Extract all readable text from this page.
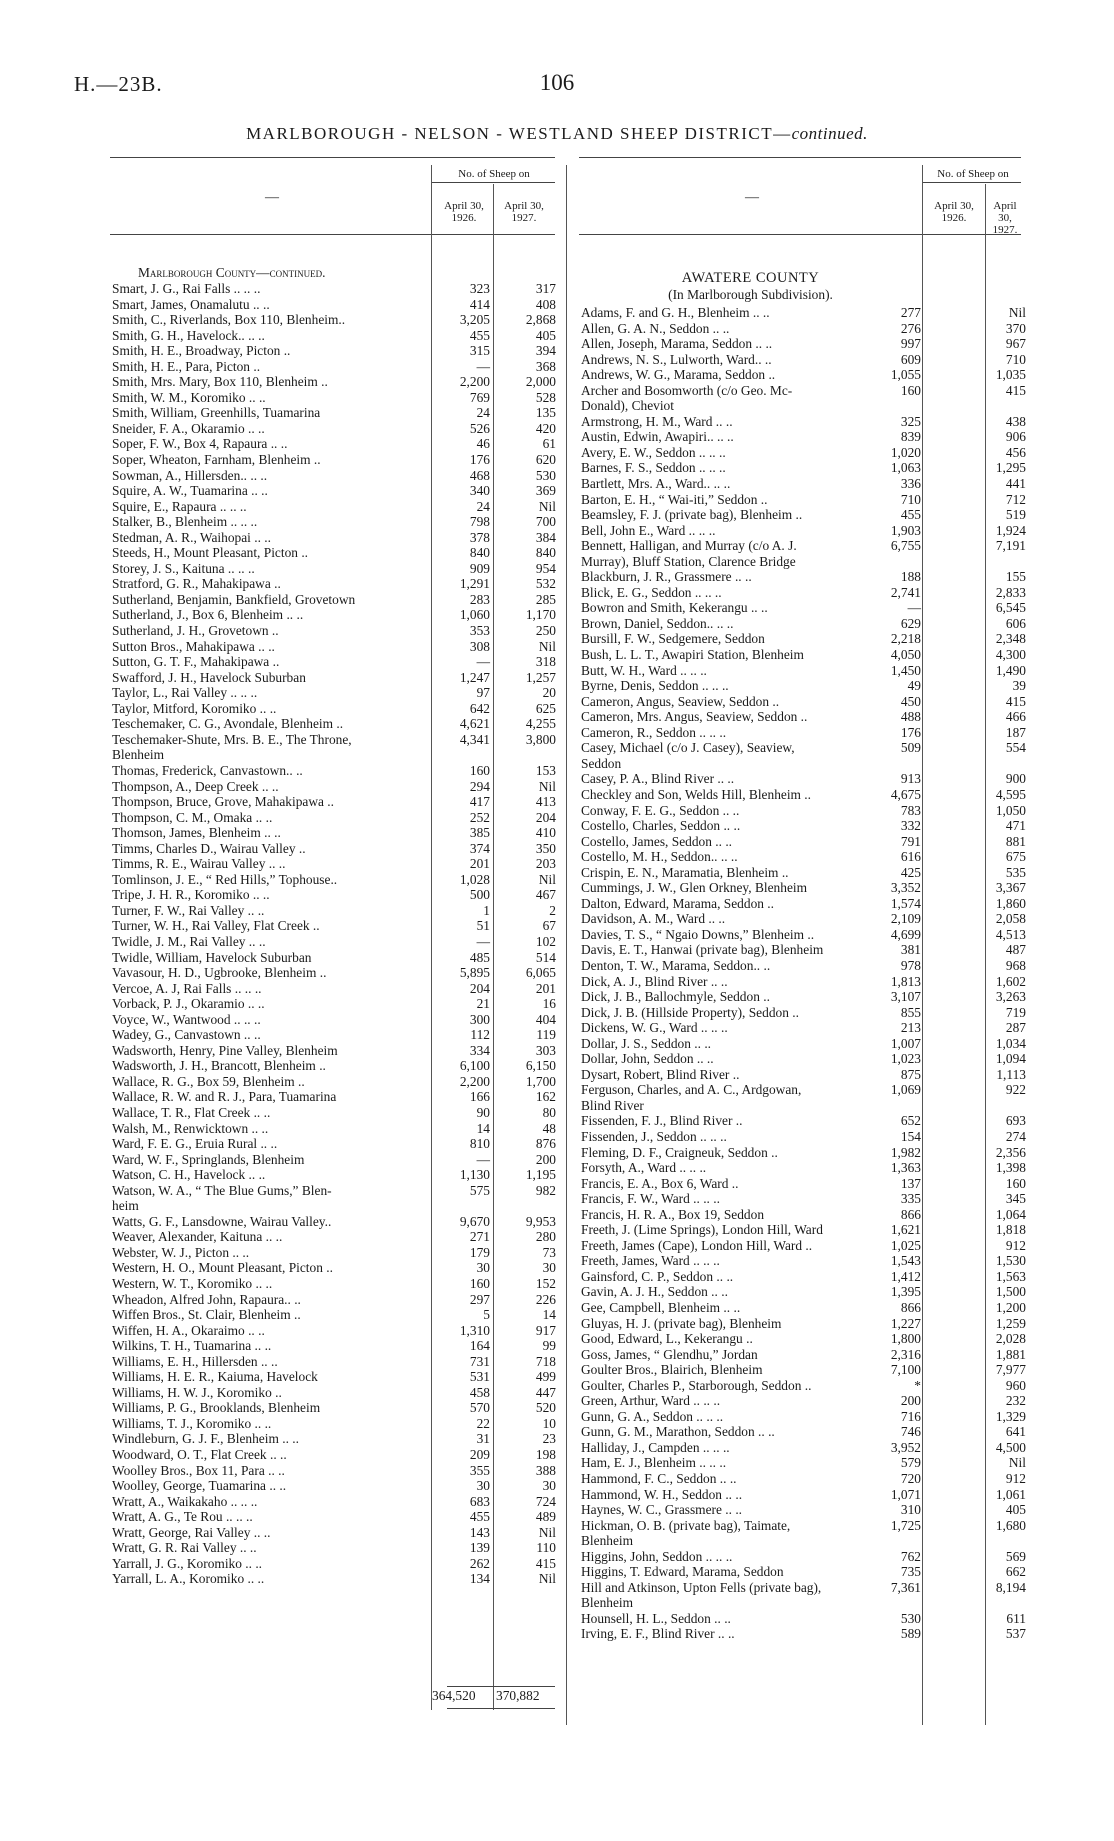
H.—23B.	106
MARLBOROUGH - NELSON - WESTLAND SHEEP DISTRICT—continued.
—
No. of Sheep on
April 30, 1926.
April 30, 1927.
—
No. of Sheep on
April 30, 1926.
April 30, 1927.
Marlborough County—continued.
Smart, J. G., Rai Falls .. .. ..	323	317
Smart, James, Onamalutu .. ..	414	408
Smith, C., Riverlands, Box 110, Blenheim..	3,205	2,868
Smith, G. H., Havelock.. .. ..	455	405
Smith, H. E., Broadway, Picton ..	315	394
Smith, H. E., Para, Picton ..	—	368
Smith, Mrs. Mary, Box 110, Blenheim ..	2,200	2,000
Smith, W. M., Koromiko .. ..	769	528
Smith, William, Greenhills, Tuamarina	24	135
Sneider, F. A., Okaramio .. ..	526	420
Soper, F. W., Box 4, Rapaura .. ..	46	61
Soper, Wheaton, Farnham, Blenheim ..	176	620
Sowman, A., Hillersden.. .. ..	468	530
Squire, A. W., Tuamarina .. ..	340	369
Squire, E., Rapaura .. .. ..	24	Nil
Stalker, B., Blenheim .. .. ..	798	700
Stedman, A. R., Waihopai .. ..	378	384
Steeds, H., Mount Pleasant, Picton ..	840	840
Storey, J. S., Kaituna .. .. ..	909	954
Stratford, G. R., Mahakipawa ..	1,291	532
Sutherland, Benjamin, Bankfield, Grovetown	283	285
Sutherland, J., Box 6, Blenheim .. ..	1,060	1,170
Sutherland, J. H., Grovetown ..	353	250
Sutton Bros., Mahakipawa .. ..	308	Nil
Sutton, G. T. F., Mahakipawa ..	—	318
Swafford, J. H., Havelock Suburban	1,247	1,257
Taylor, L., Rai Valley .. .. ..	97	20
Taylor, Mitford, Koromiko .. ..	642	625
Teschemaker, C. G., Avondale, Blenheim ..	4,621	4,255
Teschemaker-Shute, Mrs. B. E., The Throne,	4,341	3,800
Blenheim
Thomas, Frederick, Canvastown.. ..	160	153
Thompson, A., Deep Creek .. ..	294	Nil
Thompson, Bruce, Grove, Mahakipawa ..	417	413
Thompson, C. M., Omaka .. ..	252	204
Thomson, James, Blenheim .. ..	385	410
Timms, Charles D., Wairau Valley ..	374	350
Timms, R. E., Wairau Valley .. ..	201	203
Tomlinson, J. E., “ Red Hills,” Tophouse..	1,028	Nil
Tripe, J. H. R., Koromiko .. ..	500	467
Turner, F. W., Rai Valley .. ..	1	2
Turner, W. H., Rai Valley, Flat Creek ..	51	67
Twidle, J. M., Rai Valley .. ..	—	102
Twidle, William, Havelock Suburban	485	514
Vavasour, H. D., Ugbrooke, Blenheim ..	5,895	6,065
Vercoe, A. J, Rai Falls .. .. ..	204	201
Vorback, P. J., Okaramio .. ..	21	16
Voyce, W., Wantwood .. .. ..	300	404
Wadey, G., Canvastown .. ..	112	119
Wadsworth, Henry, Pine Valley, Blenheim	334	303
Wadsworth, J. H., Brancott, Blenheim ..	6,100	6,150
Wallace, R. G., Box 59, Blenheim ..	2,200	1,700
Wallace, R. W. and R. J., Para, Tuamarina	166	162
Wallace, T. R., Flat Creek .. ..	90	80
Walsh, M., Renwicktown .. ..	14	48
Ward, F. E. G., Eruia Rural .. ..	810	876
Ward, W. F., Springlands, Blenheim	—	200
Watson, C. H., Havelock .. ..	1,130	1,195
Watson, W. A., “ The Blue Gums,” Blen-	575	982
heim
Watts, G. F., Lansdowne, Wairau Valley..	9,670	9,953
Weaver, Alexander, Kaituna .. ..	271	280
Webster, W. J., Picton .. ..	179	73
Western, H. O., Mount Pleasant, Picton ..	30	30
Western, W. T., Koromiko .. ..	160	152
Wheadon, Alfred John, Rapaura.. ..	297	226
Wiffen Bros., St. Clair, Blenheim ..	5	14
Wiffen, H. A., Okaraimo .. ..	1,310	917
Wilkins, T. H., Tuamarina .. ..	164	99
Williams, E. H., Hillersden .. ..	731	718
Williams, H. E. R., Kaiuma, Havelock	531	499
Williams, H. W. J., Koromiko ..	458	447
Williams, P. G., Brooklands, Blenheim	570	520
Williams, T. J., Koromiko .. ..	22	10
Windleburn, G. J. F., Blenheim .. ..	31	23
Woodward, O. T., Flat Creek .. ..	209	198
Woolley Bros., Box 11, Para .. ..	355	388
Woolley, George, Tuamarina .. ..	30	30
Wratt, A., Waikakaho .. .. ..	683	724
Wratt, A. G., Te Rou .. .. ..	455	489
Wratt, George, Rai Valley .. ..	143	Nil
Wratt, G. R. Rai Valley .. ..	139	110
Yarrall, J. G., Koromiko .. ..	262	415
Yarrall, L. A., Koromiko .. ..	134	Nil
364,520 370,882
AWATERE COUNTY
(In Marlborough Subdivision).
Adams, F. and G. H., Blenheim .. ..	277	Nil
Allen, G. A. N., Seddon .. ..	276	370
Allen, Joseph, Marama, Seddon .. ..	997	967
Andrews, N. S., Lulworth, Ward.. ..	609	710
Andrews, W. G., Marama, Seddon ..	1,055	1,035
Archer and Bosomworth (c/o Geo. Mc-	160	415
Donald), Cheviot
Armstrong, H. M., Ward .. ..	325	438
Austin, Edwin, Awapiri.. .. ..	839	906
Avery, E. W., Seddon .. .. ..	1,020	456
Barnes, F. S., Seddon .. .. ..	1,063	1,295
Bartlett, Mrs. A., Ward.. .. ..	336	441
Barton, E. H., “ Wai-iti,” Seddon ..	710	712
Beamsley, F. J. (private bag), Blenheim ..	455	519
Bell, John E., Ward .. .. ..	1,903	1,924
Bennett, Halligan, and Murray (c/o A. J.	6,755	7,191
Murray), Bluff Station, Clarence Bridge
Blackburn, J. R., Grassmere .. ..	188	155
Blick, E. G., Seddon .. .. ..	2,741	2,833
Bowron and Smith, Kekerangu .. ..	—	6,545
Brown, Daniel, Seddon.. .. ..	629	606
Bursill, F. W., Sedgemere, Seddon	2,218	2,348
Bush, L. L. T., Awapiri Station, Blenheim	4,050	4,300
Butt, W. H., Ward .. .. ..	1,450	1,490
Byrne, Denis, Seddon .. .. ..	49	39
Cameron, Angus, Seaview, Seddon ..	450	415
Cameron, Mrs. Angus, Seaview, Seddon ..	488	466
Cameron, R., Seddon .. .. ..	176	187
Casey, Michael (c/o J. Casey), Seaview,	509	554
Seddon
Casey, P. A., Blind River .. ..	913	900
Checkley and Son, Welds Hill, Blenheim ..	4,675	4,595
Conway, F. E. G., Seddon .. ..	783	1,050
Costello, Charles, Seddon .. ..	332	471
Costello, James, Seddon .. ..	791	881
Costello, M. H., Seddon.. .. ..	616	675
Crispin, E. N., Maramatia, Blenheim ..	425	535
Cummings, J. W., Glen Orkney, Blenheim	3,352	3,367
Dalton, Edward, Marama, Seddon ..	1,574	1,860
Davidson, A. M., Ward .. ..	2,109	2,058
Davies, T. S., “ Ngaio Downs,” Blenheim ..	4,699	4,513
Davis, E. T., Hanwai (private bag), Blenheim	381	487
Denton, T. W., Marama, Seddon.. ..	978	968
Dick, A. J., Blind River .. ..	1,813	1,602
Dick, J. B., Ballochmyle, Seddon ..	3,107	3,263
Dick, J. B. (Hillside Property), Seddon ..	855	719
Dickens, W. G., Ward .. .. ..	213	287
Dollar, J. S., Seddon .. ..	1,007	1,034
Dollar, John, Seddon .. ..	1,023	1,094
Dysart, Robert, Blind River ..	875	1,113
Ferguson, Charles, and A. C., Ardgowan,	1,069	922
Blind River
Fissenden, F. J., Blind River ..	652	693
Fissenden, J., Seddon .. .. ..	154	274
Fleming, D. F., Craigneuk, Seddon ..	1,982	2,356
Forsyth, A., Ward .. .. ..	1,363	1,398
Francis, E. A., Box 6, Ward ..	137	160
Francis, F. W., Ward .. .. ..	335	345
Francis, H. R. A., Box 19, Seddon	866	1,064
Freeth, J. (Lime Springs), London Hill, Ward	1,621	1,818
Freeth, James (Cape), London Hill, Ward ..	1,025	912
Freeth, James, Ward .. .. ..	1,543	1,530
Gainsford, C. P., Seddon .. ..	1,412	1,563
Gavin, A. J. H., Seddon .. ..	1,395	1,500
Gee, Campbell, Blenheim .. ..	866	1,200
Gluyas, H. J. (private bag), Blenheim	1,227	1,259
Good, Edward, L., Kekerangu ..	1,800	2,028
Goss, James, “ Glendhu,” Jordan	2,316	1,881
Goulter Bros., Blairich, Blenheim	7,100	7,977
Goulter, Charles P., Starborough, Seddon ..	*	960
Green, Arthur, Ward .. .. ..	200	232
Gunn, G. A., Seddon .. .. ..	716	1,329
Gunn, G. M., Marathon, Seddon .. ..	746	641
Halliday, J., Campden .. .. ..	3,952	4,500
Ham, E. J., Blenheim .. .. ..	579	Nil
Hammond, F. C., Seddon .. ..	720	912
Hammond, W. H., Seddon .. ..	1,071	1,061
Haynes, W. C., Grassmere .. ..	310	405
Hickman, O. B. (private bag), Taimate,	1,725	1,680
Blenheim
Higgins, John, Seddon .. .. ..	762	569
Higgins, T. Edward, Marama, Seddon	735	662
Hill and Atkinson, Upton Fells (private bag),	7,361	8,194
Blenheim
Hounsell, H. L., Seddon .. ..	530	611
Irving, E. F., Blind River .. ..	589	537
